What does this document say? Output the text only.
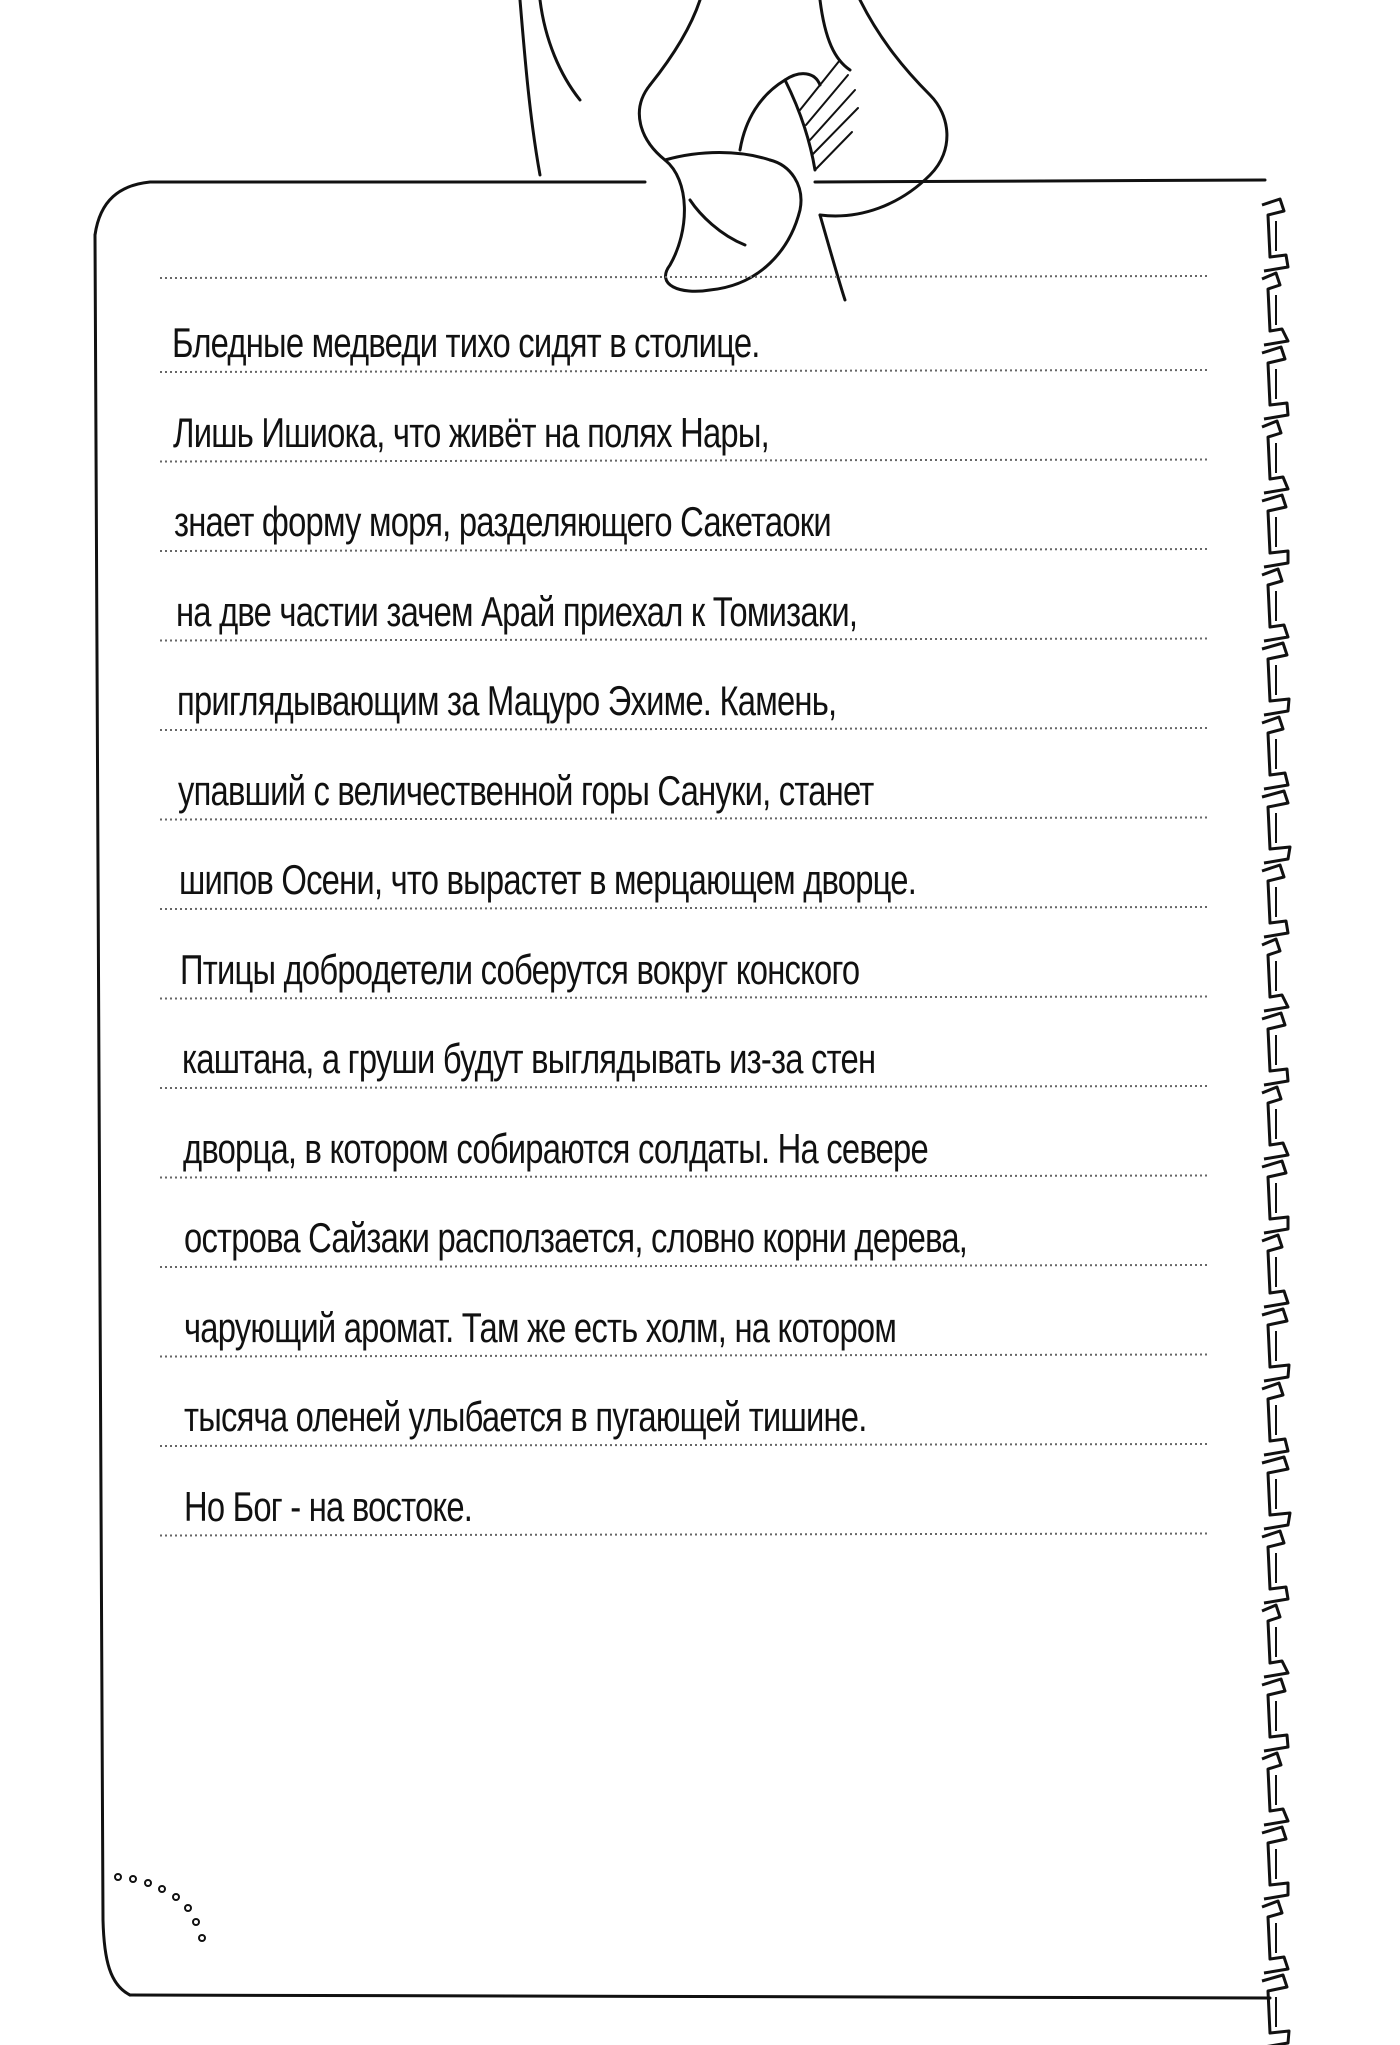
Бледные медведи тихо сидят в столице.
Лишь Ишиока, что живёт на полях Нары,
знает форму моря, разделяющего Сакетаоки
на две частии зачем Арай приехал к Томизаки,
приглядывающим за Мацуро Эхиме. Камень,
упавший с величественной горы Сануки, станет
шипов Осени, что вырастет в мерцающем дворце.
Птицы добродетели соберутся вокруг конского
каштана, а груши будут выглядывать из-за стен
дворца, в котором собираются солдаты. На севере
острова Сайзаки расползается, словно корни дерева,
чарующий аромат. Там же есть холм, на котором
тысяча оленей улыбается в пугающей тишине.
Но Бог - на востоке.
